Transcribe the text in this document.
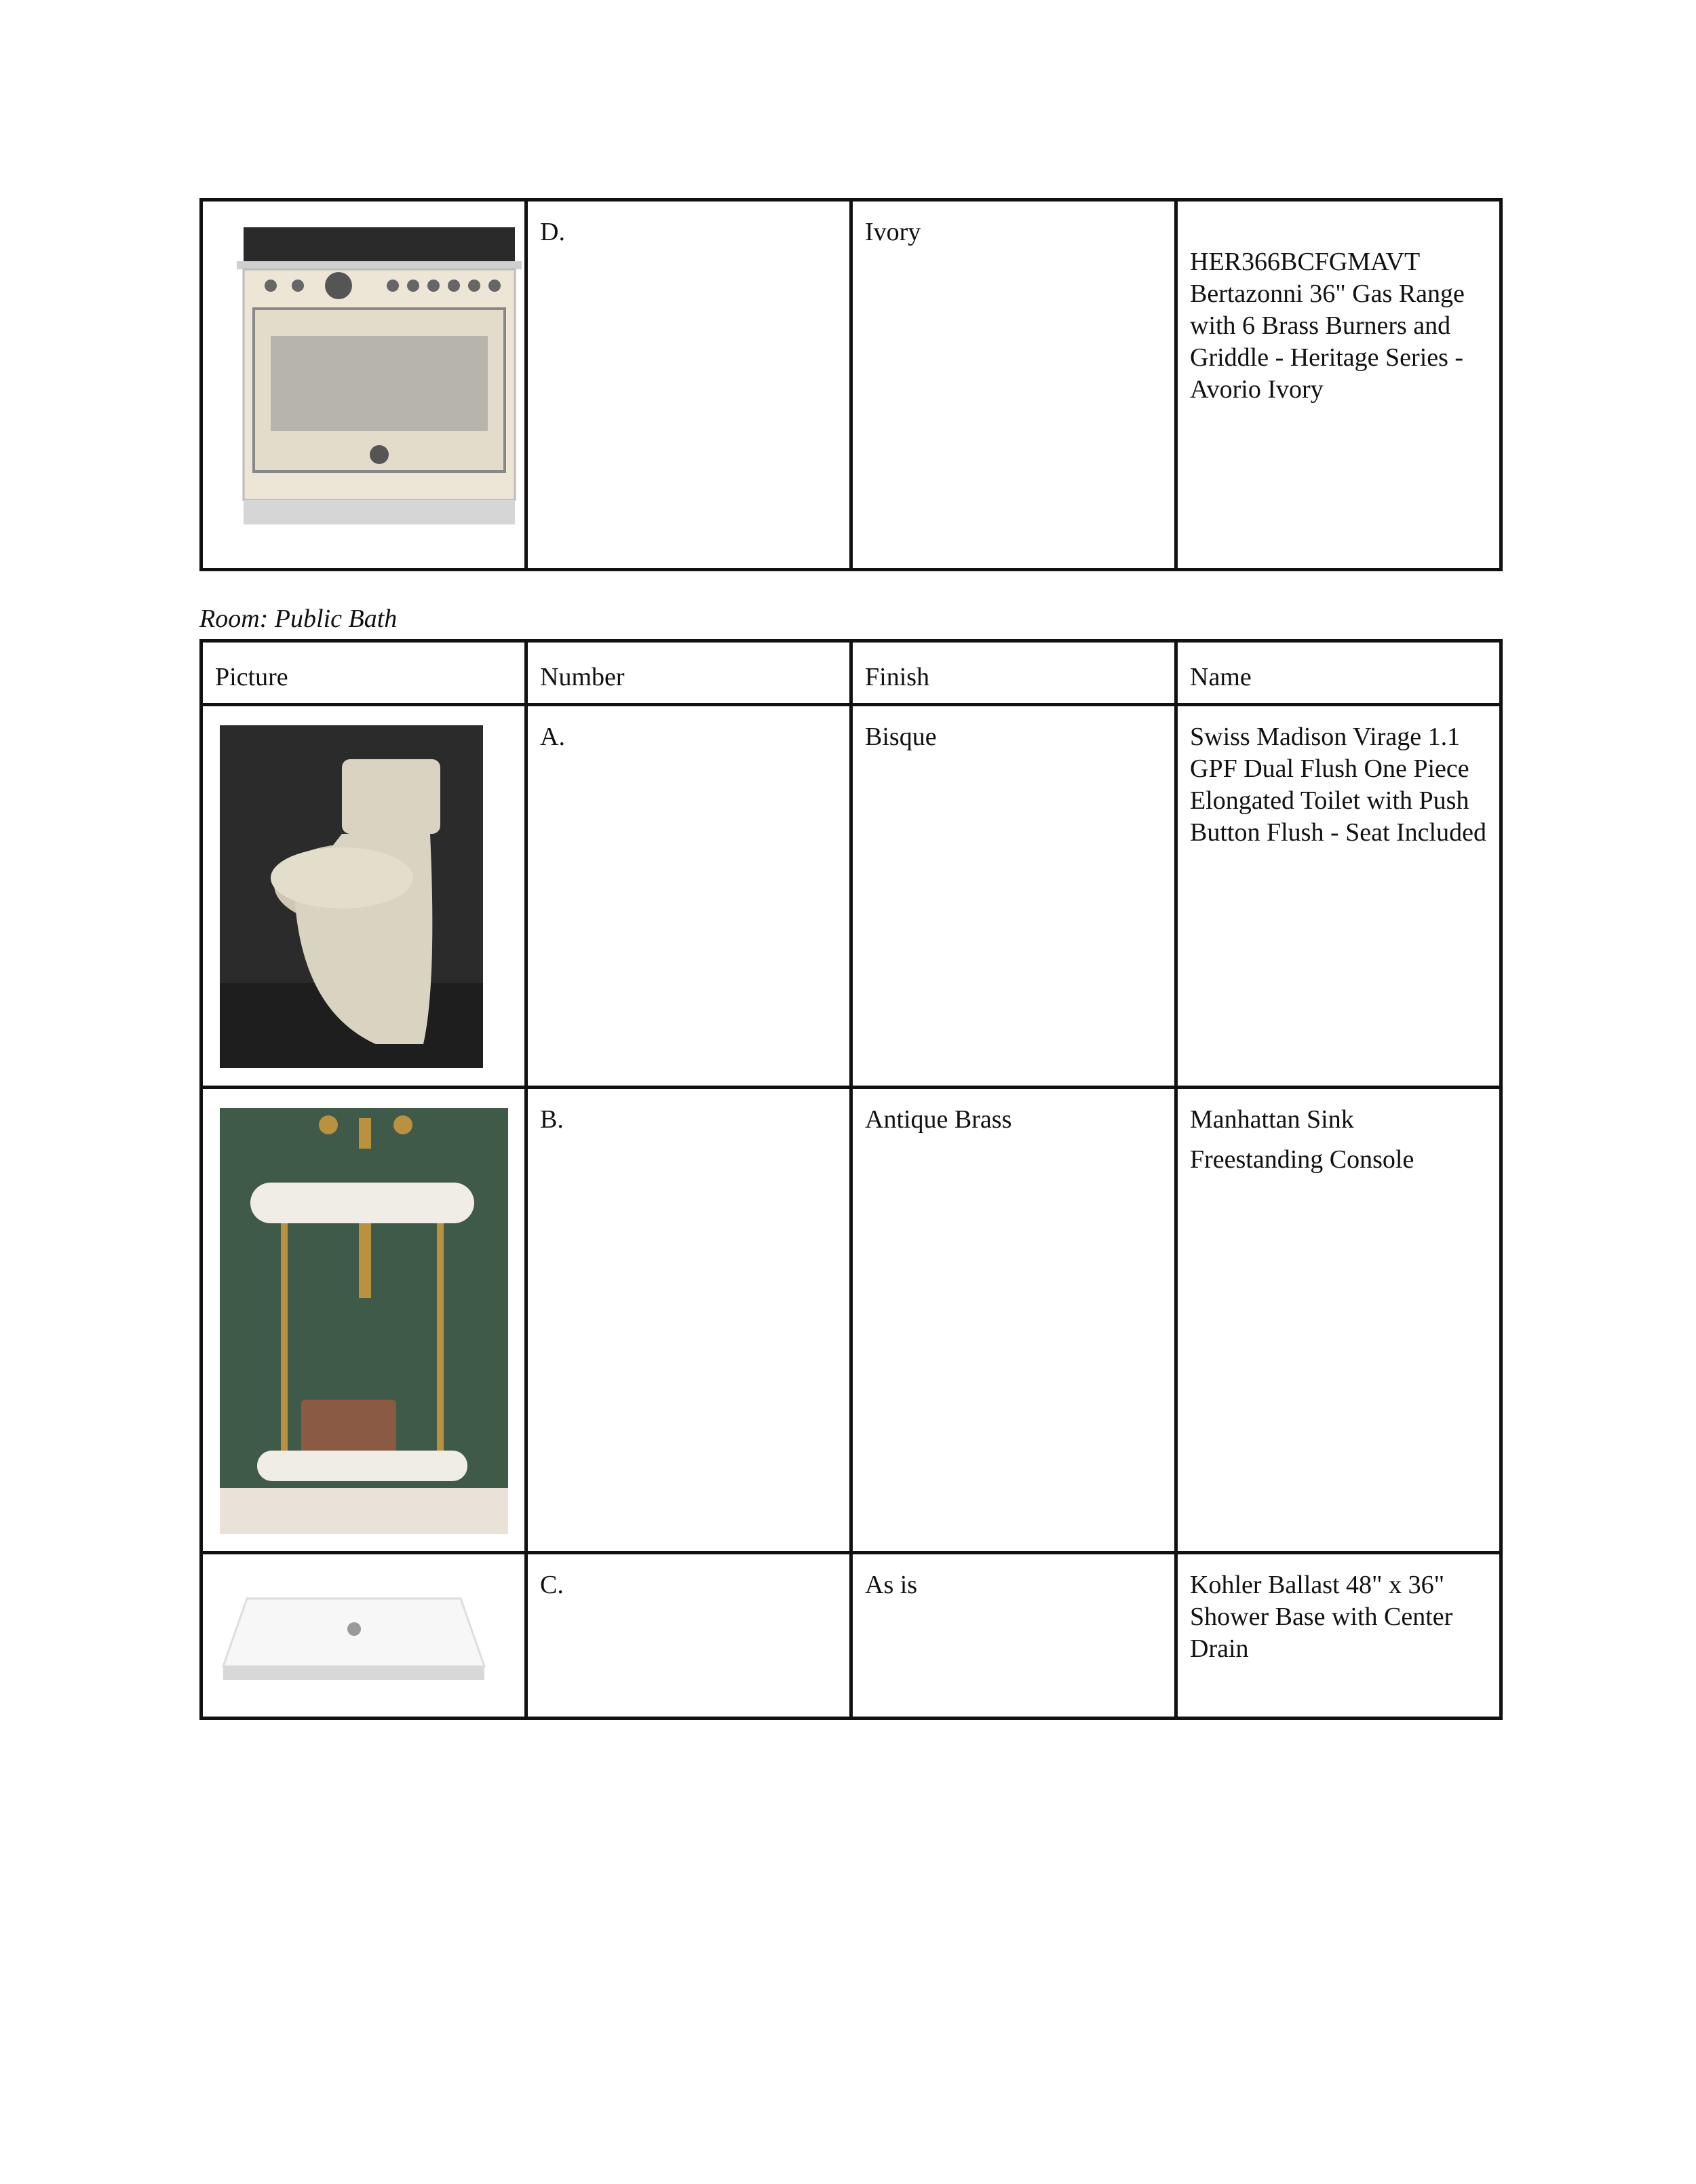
	D.	Ivory	HER366BCFGMAVT Bertazonni 36" Gas Range with 6 Brass Burners and Griddle - Heritage Series - Avorio Ivory
Room: Public Bath
Picture	Number	Finish	Name

	A.	Bisque	Swiss Madison Virage 1.1 GPF Dual Flush One Piece Elongated Toilet with Push Button Flush - Seat Included

	B.	Antique Brass	Manhattan Sink
Freestanding Console

	C.	As is	Kohler Ballast 48" x 36" Shower Base with Center Drain
